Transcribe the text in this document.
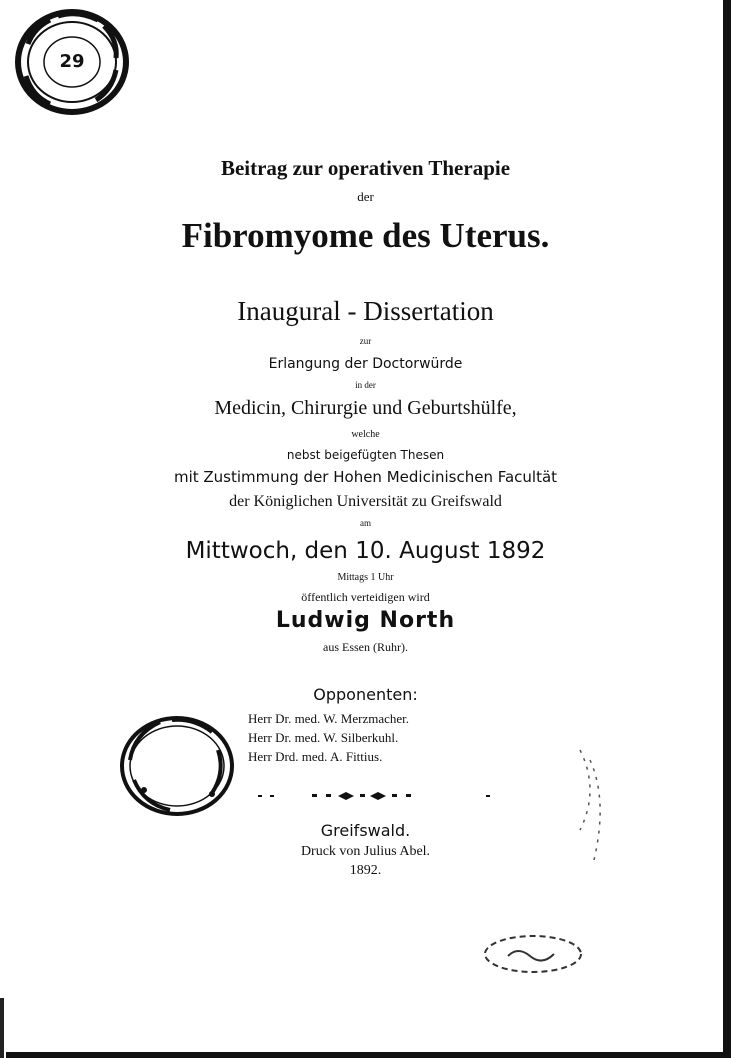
29
Beitrag zur operativen Therapie
der
Fibromyome des Uterus.
Inaugural - Dissertation
zur
Erlangung der Doctorwürde
in der
Medicin, Chirurgie und Geburtshülfe,
welche
nebst beigefügten Thesen
mit Zustimmung der Hohen Medicinischen Facultät
der Königlichen Universität zu Greifswald
am
Mittwoch, den 10. August 1892
Mittags 1 Uhr
öffentlich verteidigen wird
Ludwig North
aus Essen (Ruhr).
Opponenten:
Herr Dr. med. W. Merzmacher.
Herr Dr. med. W. Silberkuhl.
Herr Drd. med. A. Fittius.
Greifswald.
Druck von Julius Abel.
1892.
